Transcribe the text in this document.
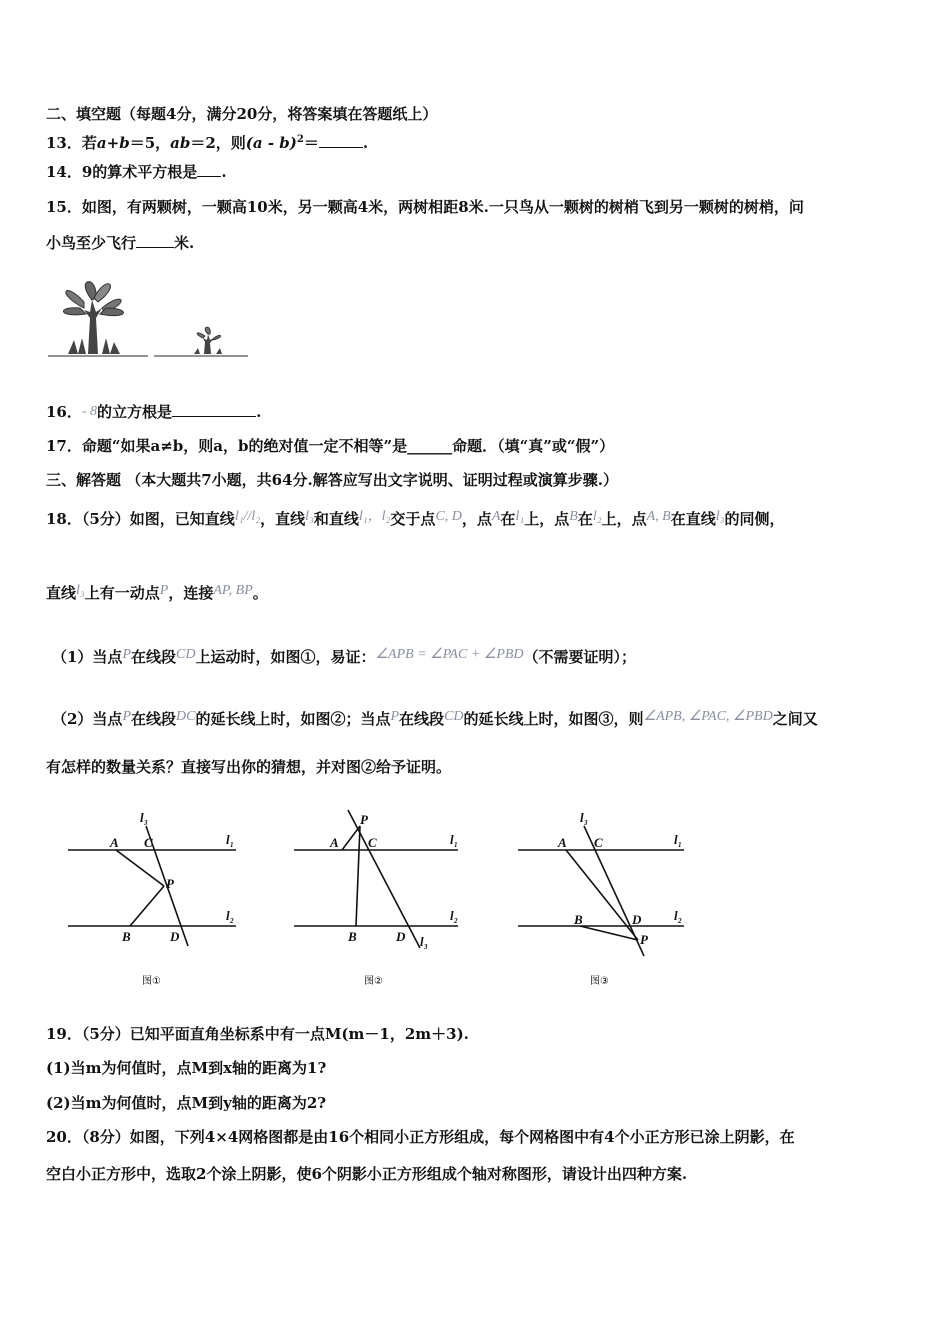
二、填空题（每题4分，满分20分，将答案填在答题纸上）
13．若a+b＝5，ab＝2，则(a - b)$^2$＝	.
14．9的算术平方根是 .
15．如图，有两颗树，一颗高10米，另一颗高4米，两树相距8米.一只鸟从一颗树的树梢飞到另一颗树的树梢，问
小鸟至少飞行	米.
16．- 8的立方根是	.
17．命题“如果a≠b，则a，b的绝对值一定不相等”是______命题．（填“真”或“假”）
三、解答题 （本大题共7小题，共64分.解答应写出文字说明、证明过程或演算步骤.）
18．（5分）如图，已知直线l₁//l₂，直线l₃和直线l₁，l₂交于点C, D，点A在l₁上，点B在l₂上，点A, B在直线l₃的同侧，
直线l₃上有一动点P，连接AP, BP。
（1）当点P在线段CD上运动时，如图①，易证：∠APB = ∠PAC + ∠PBD（不需要证明）；
（2）当点P在线段DC的延长线上时，如图②；当点P在线段CD的延长线上时，如图③，则∠APB, ∠PAC, ∠PBD之间又
有怎样的数量关系？直接写出你的猜想，并对图②给予证明。
A C
P
B	D
l 1
l 2
l 3
A C
P
B	D
l 1
l 2
l 3
A C
B	D
P
l 1
l 2
l 3
图①	图②	图③
19．（5分）已知平面直角坐标系中有一点M(m－1，2m＋3).
(1)当m为何值时，点M到x轴的距离为1?
(2)当m为何值时，点M到y轴的距离为2?
20．（8分）如图，下列4×4网格图都是由16个相同小正方形组成，每个网格图中有4个小正方形已涂上阴影，在
空白小正方形中，选取2个涂上阴影，使6个阴影小正方形组成个轴对称图形，请设计出四种方案.
